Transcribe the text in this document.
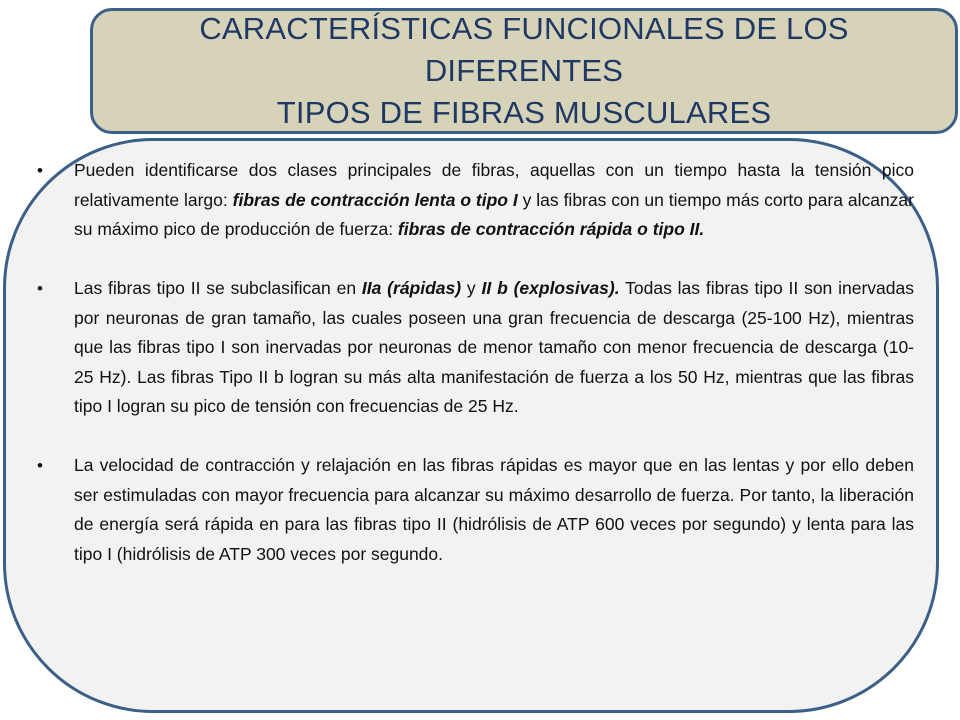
CARACTERÍSTICAS FUNCIONALES DE LOS DIFERENTES
TIPOS DE FIBRAS MUSCULARES
•	Pueden identificarse dos clases principales de fibras, aquellas con un tiempo hasta la tensión pico relativamente largo: fibras de contracción lenta o tipo I y las fibras con un tiempo más corto para alcanzar su máximo pico de producción de fuerza: fibras de contracción rápida o tipo II.
•	Las fibras tipo II se subclasifican en IIa (rápidas) y II b (explosivas). Todas las fibras tipo II son inervadas por neuronas de gran tamaño, las cuales poseen una gran frecuencia de descarga (25-100 Hz), mientras que las fibras tipo I son inervadas por neuronas de menor tamaño con menor frecuencia de descarga (10-25 Hz). Las fibras Tipo II b logran su más alta manifestación de fuerza a los 50 Hz, mientras que las fibras tipo I logran su pico de tensión con frecuencias de 25 Hz.
•	La velocidad de contracción y relajación en las fibras rápidas es mayor que en las lentas y por ello deben ser estimuladas con mayor frecuencia para alcanzar su máximo desarrollo de fuerza. Por tanto, la liberación de energía será rápida en para las fibras tipo II (hidrólisis de ATP 600 veces por segundo) y lenta para las tipo I (hidrólisis de ATP 300 veces por segundo.
